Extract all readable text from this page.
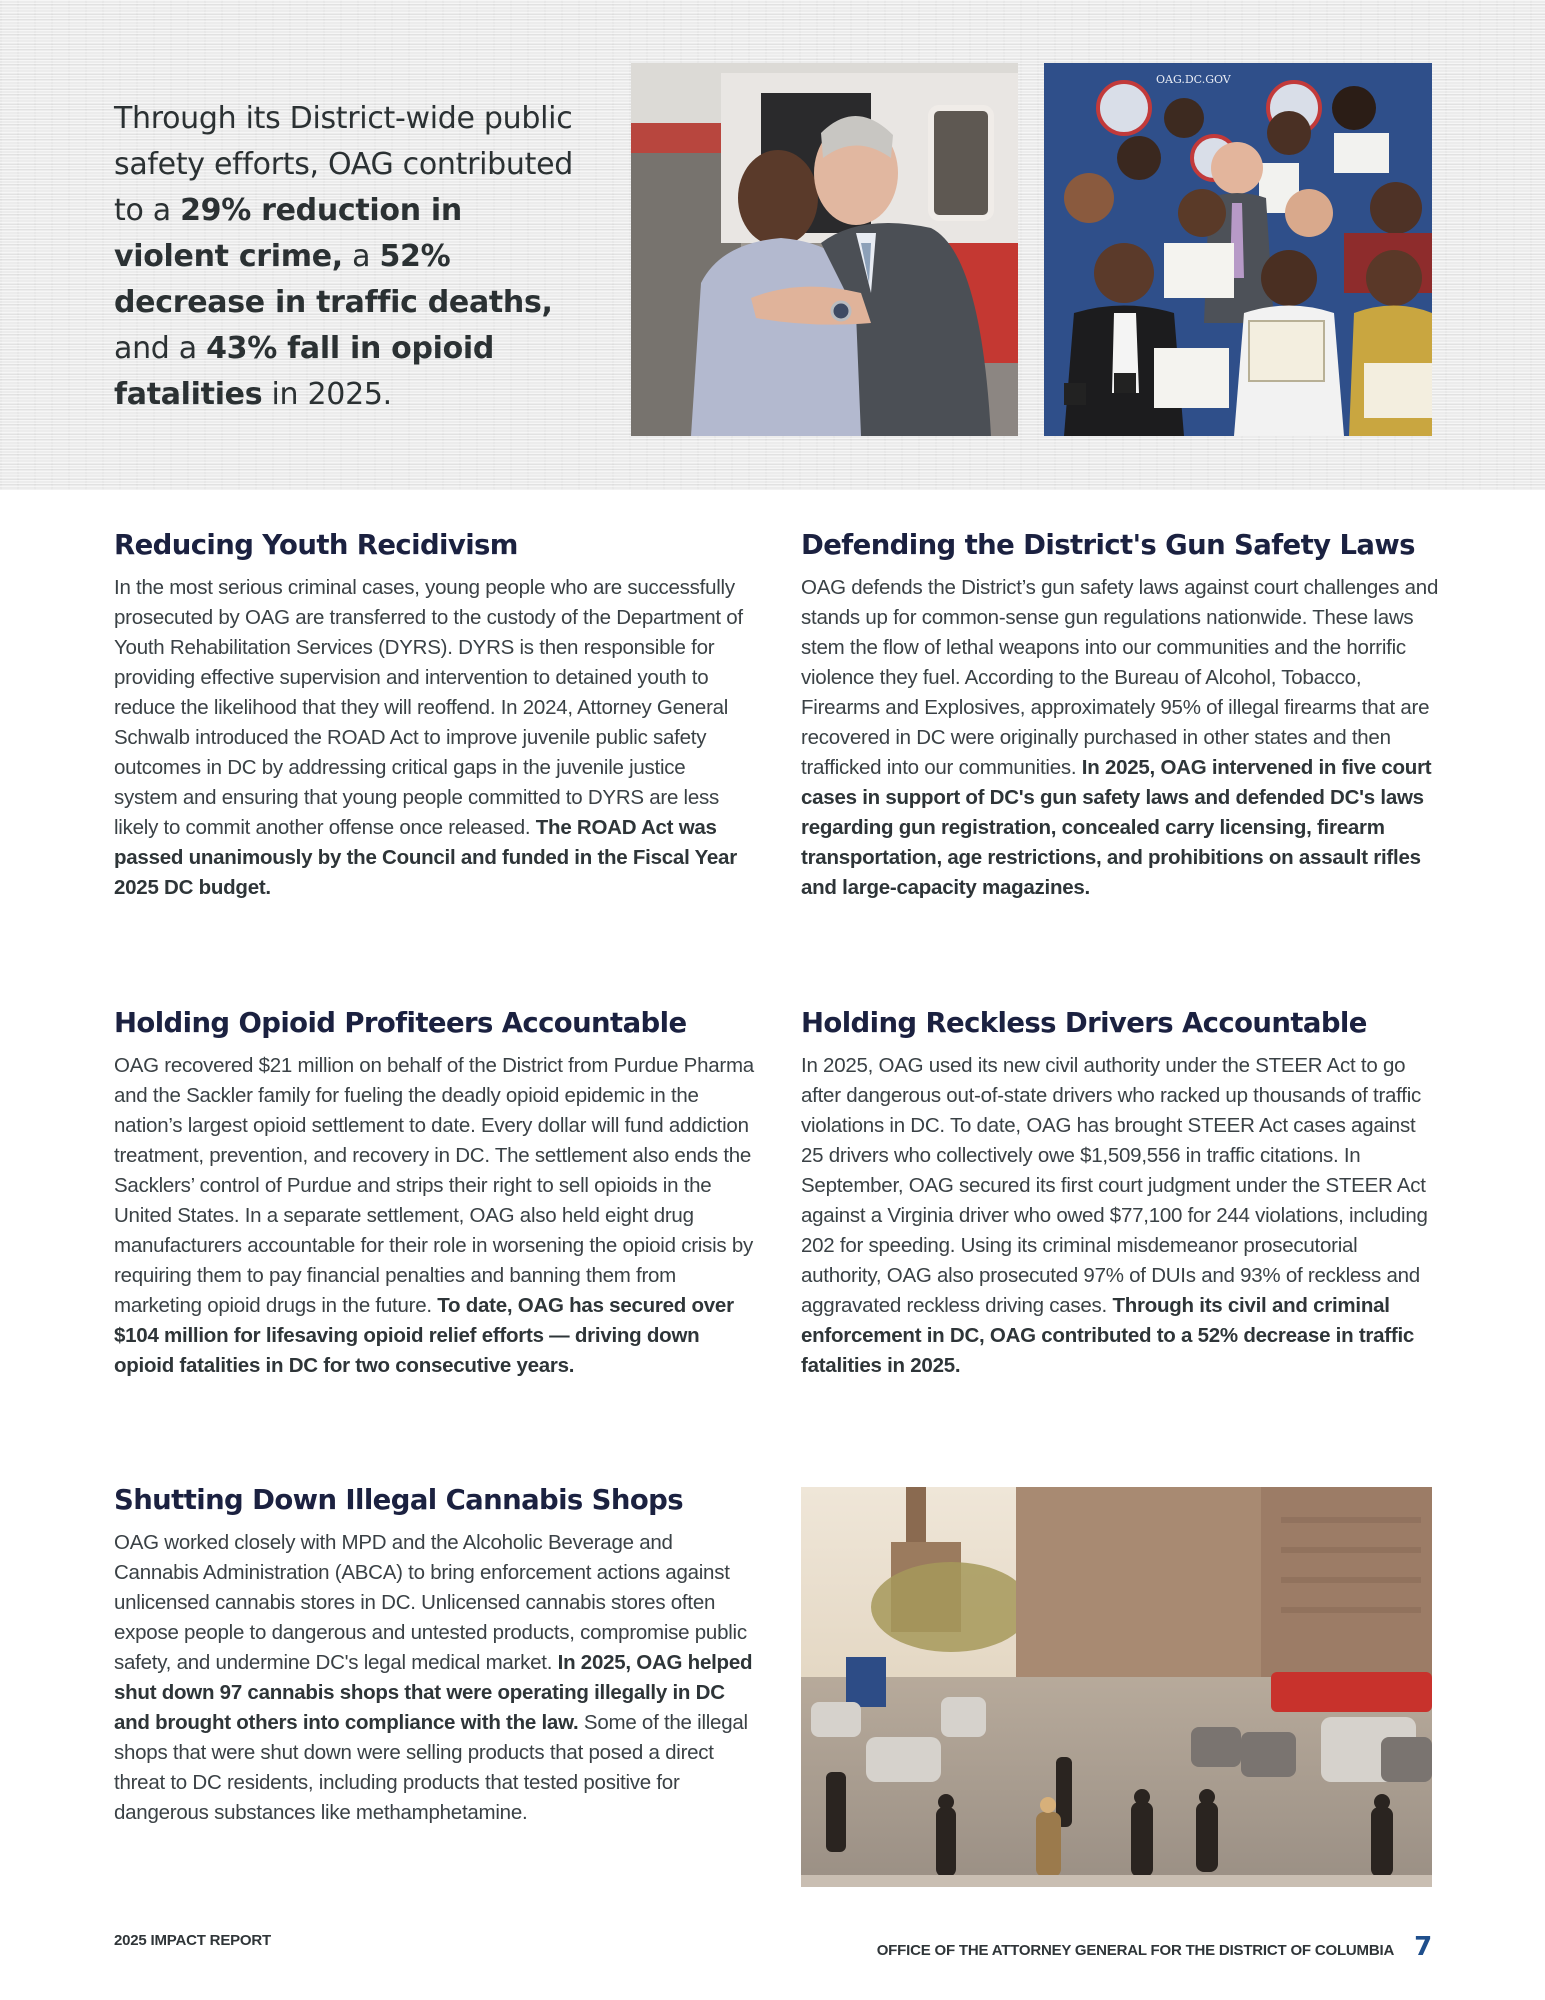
Through its District-wide public safety efforts, OAG contributed to a 29% reduction in violent crime, a 52% decrease in traffic deaths, and a 43% fall in opioid fatalities in 2025.
OAG.DC.GOV
Reducing Youth Recidivism

In the most serious criminal cases, young people who are successfully prosecuted by OAG are transferred to the custody of the Department of Youth Rehabilitation Services (DYRS). DYRS is then responsible for providing effective supervision and intervention to detained youth to reduce the likelihood that they will reoffend. In 2024, Attorney General Schwalb introduced the ROAD Act to improve juvenile public safety outcomes in DC by addressing critical gaps in the juvenile justice system and ensuring that young people committed to DYRS are less likely to commit another offense once released. The ROAD Act was passed unanimously by the Council and funded in the Fiscal Year 2025 DC budget.

Defending the District's Gun Safety Laws

OAG defends the District’s gun safety laws against court challenges and stands up for common-sense gun regulations nationwide. These laws stem the flow of lethal weapons into our communities and the horrific violence they fuel. According to the Bureau of Alcohol, Tobacco, Firearms and Explosives, approximately 95% of illegal firearms that are recovered in DC were originally purchased in other states and then trafficked into our communities. In 2025, OAG intervened in five court cases in support of DC's gun safety laws and defended DC's laws regarding gun registration, concealed carry licensing, firearm transportation, age restrictions, and prohibitions on assault rifles and large-capacity magazines.

Holding Opioid Profiteers Accountable

OAG recovered $21 million on behalf of the District from Purdue Pharma and the Sackler family for fueling the deadly opioid epidemic in the nation’s largest opioid settlement to date. Every dollar will fund addiction treatment, prevention, and recovery in DC. The settlement also ends the Sacklers’ control of Purdue and strips their right to sell opioids in the United States. In a separate settlement, OAG also held eight drug manufacturers accountable for their role in worsening the opioid crisis by requiring them to pay financial penalties and banning them from marketing opioid drugs in the future. To date, OAG has secured over $104 million for lifesaving opioid relief efforts — driving down opioid fatalities in DC for two consecutive years.

Holding Reckless Drivers Accountable

In 2025, OAG used its new civil authority under the STEER Act to go after dangerous out-of-state drivers who racked up thousands of traffic violations in DC. To date, OAG has brought STEER Act cases against 25 drivers who collectively owe $1,509,556 in traffic citations. In September, OAG secured its first court judgment under the STEER Act against a Virginia driver who owed $77,100 for 244 violations, including 202 for speeding. Using its criminal misdemeanor prosecutorial authority, OAG also prosecuted 97% of DUIs and 93% of reckless and aggravated reckless driving cases. Through its civil and criminal enforcement in DC, OAG contributed to a 52% decrease in traffic fatalities in 2025.

Shutting Down Illegal Cannabis Shops

OAG worked closely with MPD and the Alcoholic Beverage and Cannabis Administration (ABCA) to bring enforcement actions against unlicensed cannabis stores in DC. Unlicensed cannabis stores often expose people to dangerous and untested products, compromise public safety, and undermine DC's legal medical market. In 2025, OAG helped shut down 97 cannabis shops that were operating illegally in DC and brought others into compliance with the law. Some of the illegal shops that were shut down were selling products that posed a direct threat to DC residents, including products that tested positive for dangerous substances like methamphetamine.

2025 IMPACT REPORT
OFFICE OF THE ATTORNEY GENERAL FOR THE DISTRICT OF COLUMBIA 7
